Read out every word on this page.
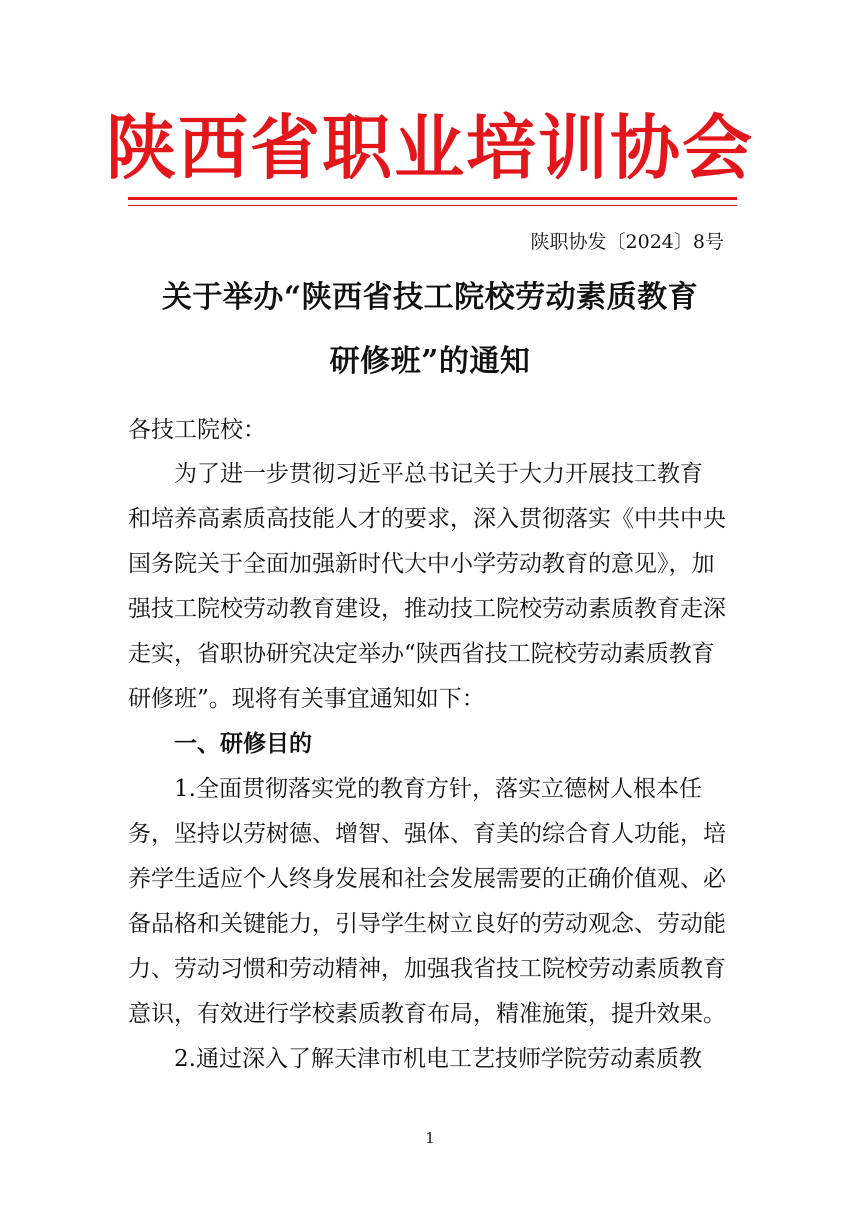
陕西省职业培训协会
陕职协发〔2024〕8号
关于举办“陕西省技工院校劳动素质教育
研修班”的通知
各技工院校：
　　为了进一步贯彻习近平总书记关于大力开展技工教育
和培养高素质高技能人才的要求，深入贯彻落实《中共中央
国务院关于全面加强新时代大中小学劳动教育的意见》，加
强技工院校劳动教育建设，推动技工院校劳动素质教育走深
走实，省职协研究决定举办“陕西省技工院校劳动素质教育
研修班”。现将有关事宜通知如下：
　　一、研修目的
　　1.全面贯彻落实党的教育方针，落实立德树人根本任
务，坚持以劳树德、增智、强体、育美的综合育人功能，培
养学生适应个人终身发展和社会发展需要的正确价值观、必
备品格和关键能力，引导学生树立良好的劳动观念、劳动能
力、劳动习惯和劳动精神，加强我省技工院校劳动素质教育
意识，有效进行学校素质教育布局，精准施策，提升效果。
　　2.通过深入了解天津市机电工艺技师学院劳动素质教
1
